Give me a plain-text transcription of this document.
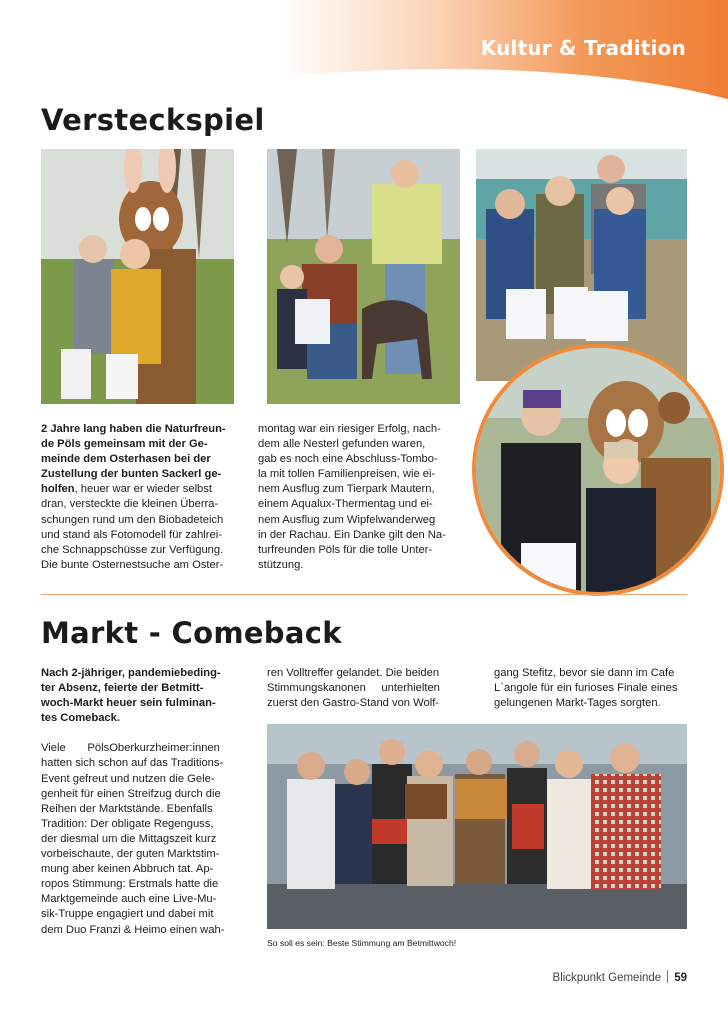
Kultur & Tradition
Versteckspiel

2 Jahre lang haben die Naturfreun-

de Pöls gemeinsam mit der Ge-

meinde dem Osterhasen bei der

Zustellung der bunten Sackerl ge-

holfen, heuer war er wieder selbst

dran, versteckte die kleinen Überra-

schungen rund um den Biobadeteich

und stand als Fotomodell für zahlrei-

che Schnappschüsse zur Verfügung.

Die bunte Osternestsuche am Oster-

montag war ein riesiger Erfolg, nach-

dem alle Nesterl gefunden waren,

gab es noch eine Abschluss-Tombo-

la mit tollen Familienpreisen, wie ei-

nem Ausflug zum Tierpark Mautern,

einem Aqualux-Thermentag und ei-

nem Ausflug zum Wipfelwanderweg

in der Rachau. Ein Danke gilt den Na-

turfreunden Pöls für die tolle Unter-

stützung.

Markt - Comeback

Nach 2-jähriger, pandemiebeding-

ter Absenz, feierte der Betmitt-

woch-Markt heuer sein fulminan-

tes Comeback.

Viele       PölsOberkurzheimer:innen

hatten sich schon auf das Traditions-

Event gefreut und nutzen die Gele-

genheit für einen Streifzug durch die

Reihen der Marktstände. Ebenfalls

Tradition: Der obligate Regenguss,

der diesmal um die Mittagszeit kurz

vorbeischaute, der guten Marktstim-

mung aber keinen Abbruch tat. Ap-

ropos Stimmung: Erstmals hatte die

Marktgemeinde auch eine Live-Mu-

sik-Truppe engagiert und dabei mit

dem Duo Franzi & Heimo einen wah-

ren Volltreffer gelandet. Die beiden

Stimmungskanonen     unterhielten

zuerst den Gastro-Stand von Wolf-

gang Stefitz, bevor sie dann im Cafe

L`angole für ein furioses Finale eines

gelungenen Markt-Tages sorgten.

So soll es sein: Beste Stimmung am Betmittwoch!
Blickpunkt Gemeinde 59
